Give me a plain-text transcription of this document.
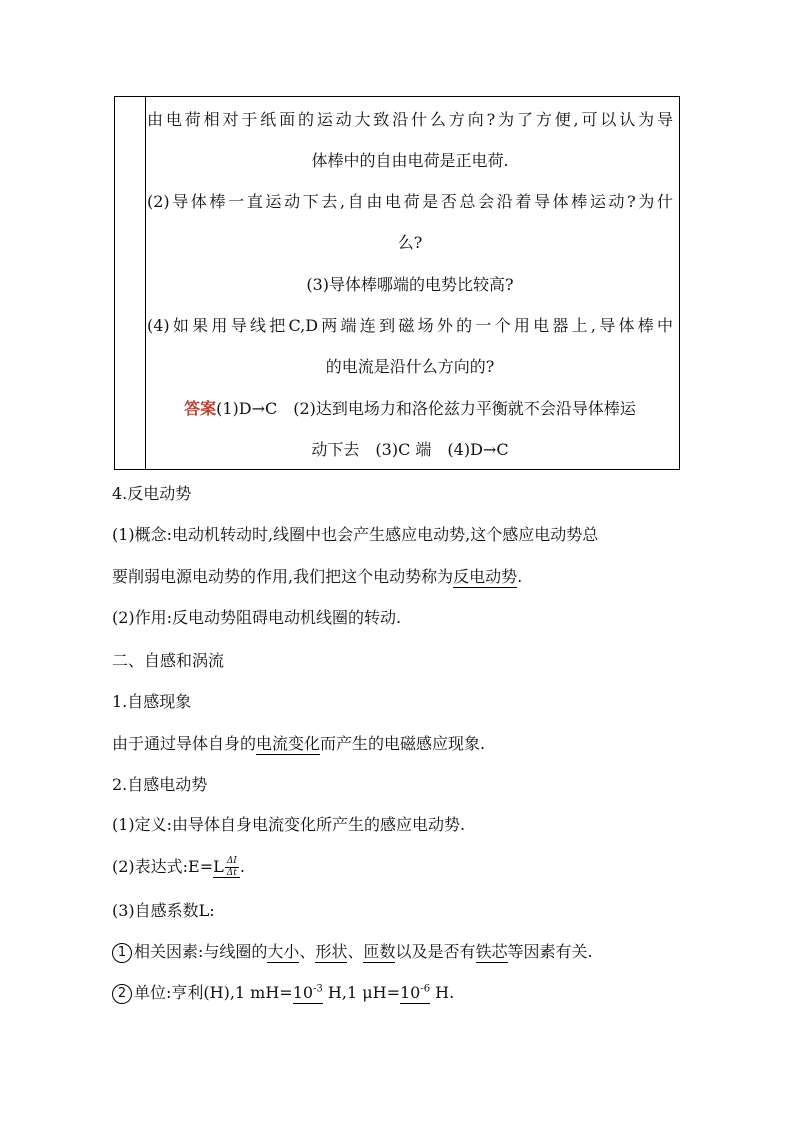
由电荷相对于纸面的运动大致沿什么方向?为了方便,可以认为导
体棒中的自由电荷是正电荷.
(2)导体棒一直运动下去,自由电荷是否总会沿着导体棒运动?为什
么?
(3)导体棒哪端的电势比较高?
(4)如果用导线把C,D两端连到磁场外的一个用电器上,导体棒中
的电流是沿什么方向的?
答案(1)D→C　(2)达到电场力和洛伦兹力平衡就不会沿导体棒运
动下去　(3)C 端　(4)D→C
4.反电动势
(1)概念:电动机转动时,线圈中也会产生感应电动势,这个感应电动势总
要削弱电源电动势的作用,我们把这个电动势称为反电动势.
(2)作用:反电动势阻碍电动机线圈的转动.
二、自感和涡流
1.自感现象
由于通过导体自身的电流变化而产生的电磁感应现象.
2.自感电动势
(1)定义:由导体自身电流变化所产生的感应电动势.
(2)表达式:E=L $\frac{\Delta I}{\Delta t}$ .
(3)自感系数L:
1 相关因素:与线圈的大小、形状、匝数以及是否有铁芯等因素有关.
2 单位:亨利(H),1 $mH=10^{-3}$ H,1 $\mu H=10^{-6}$ H.
